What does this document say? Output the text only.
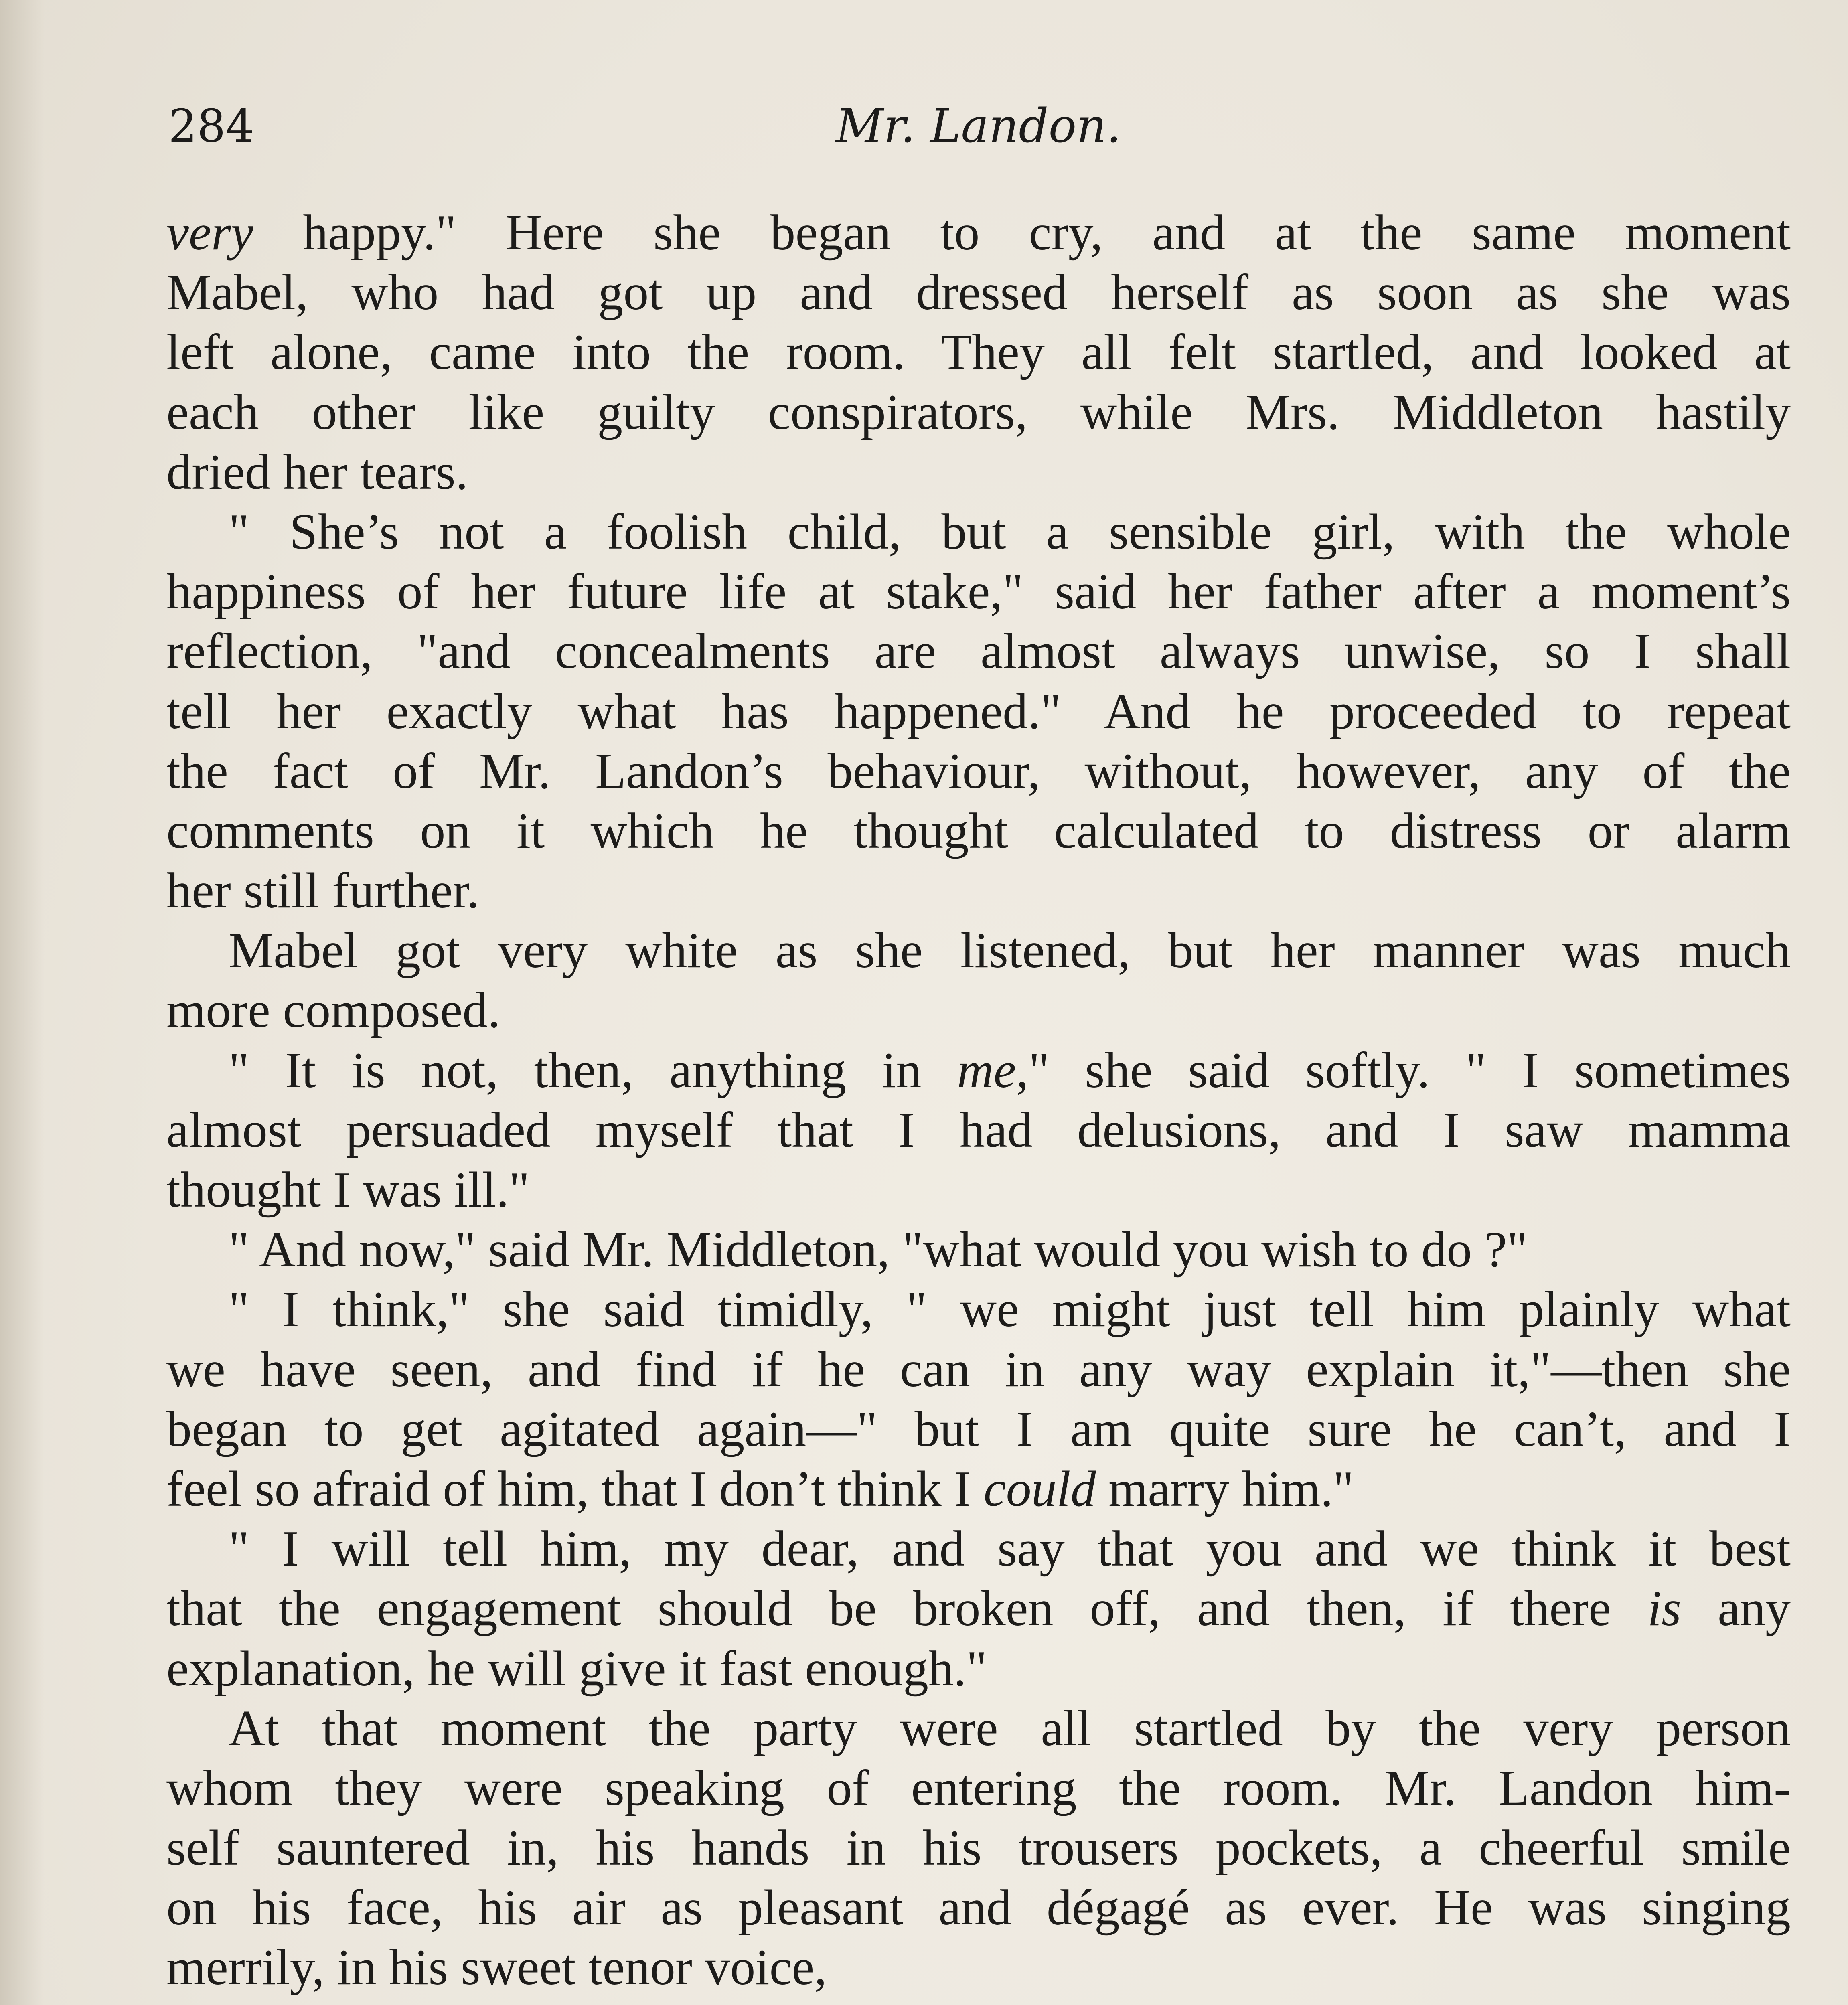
284	Mr. Landon.
very happy." Here she began to cry, and at the same moment
Mabel, who had got up and dressed herself as soon as she was
left alone, came into the room. They all felt startled, and looked at
each other like guilty conspirators, while Mrs. Middleton hastily
dried her tears.
" She’s not a foolish child, but a sensible girl, with the whole
happiness of her future life at stake," said her father after a moment’s
reflection, "and concealments are almost always unwise, so I shall
tell her exactly what has happened." And he proceeded to repeat
the fact of Mr. Landon’s behaviour, without, however, any of the
comments on it which he thought calculated to distress or alarm
her still further.
Mabel got very white as she listened, but her manner was much
more composed.
" It is not, then, anything in me," she said softly. " I sometimes
almost persuaded myself that I had delusions, and I saw mamma
thought I was ill."
" And now," said Mr. Middleton, "what would you wish to do ?"
" I think," she said timidly, " we might just tell him plainly what
we have seen, and find if he can in any way explain it,"—then she
began to get agitated again—" but I am quite sure he can’t, and I
feel so afraid of him, that I don’t think I could marry him."
" I will tell him, my dear, and say that you and we think it best
that the engagement should be broken off, and then, if there is any
explanation, he will give it fast enough."
At that moment the party were all startled by the very person
whom they were speaking of entering the room. Mr. Landon him-
self sauntered in, his hands in his trousers pockets, a cheerful smile
on his face, his air as pleasant and dégagé as ever. He was singing
merrily, in his sweet tenor voice,
